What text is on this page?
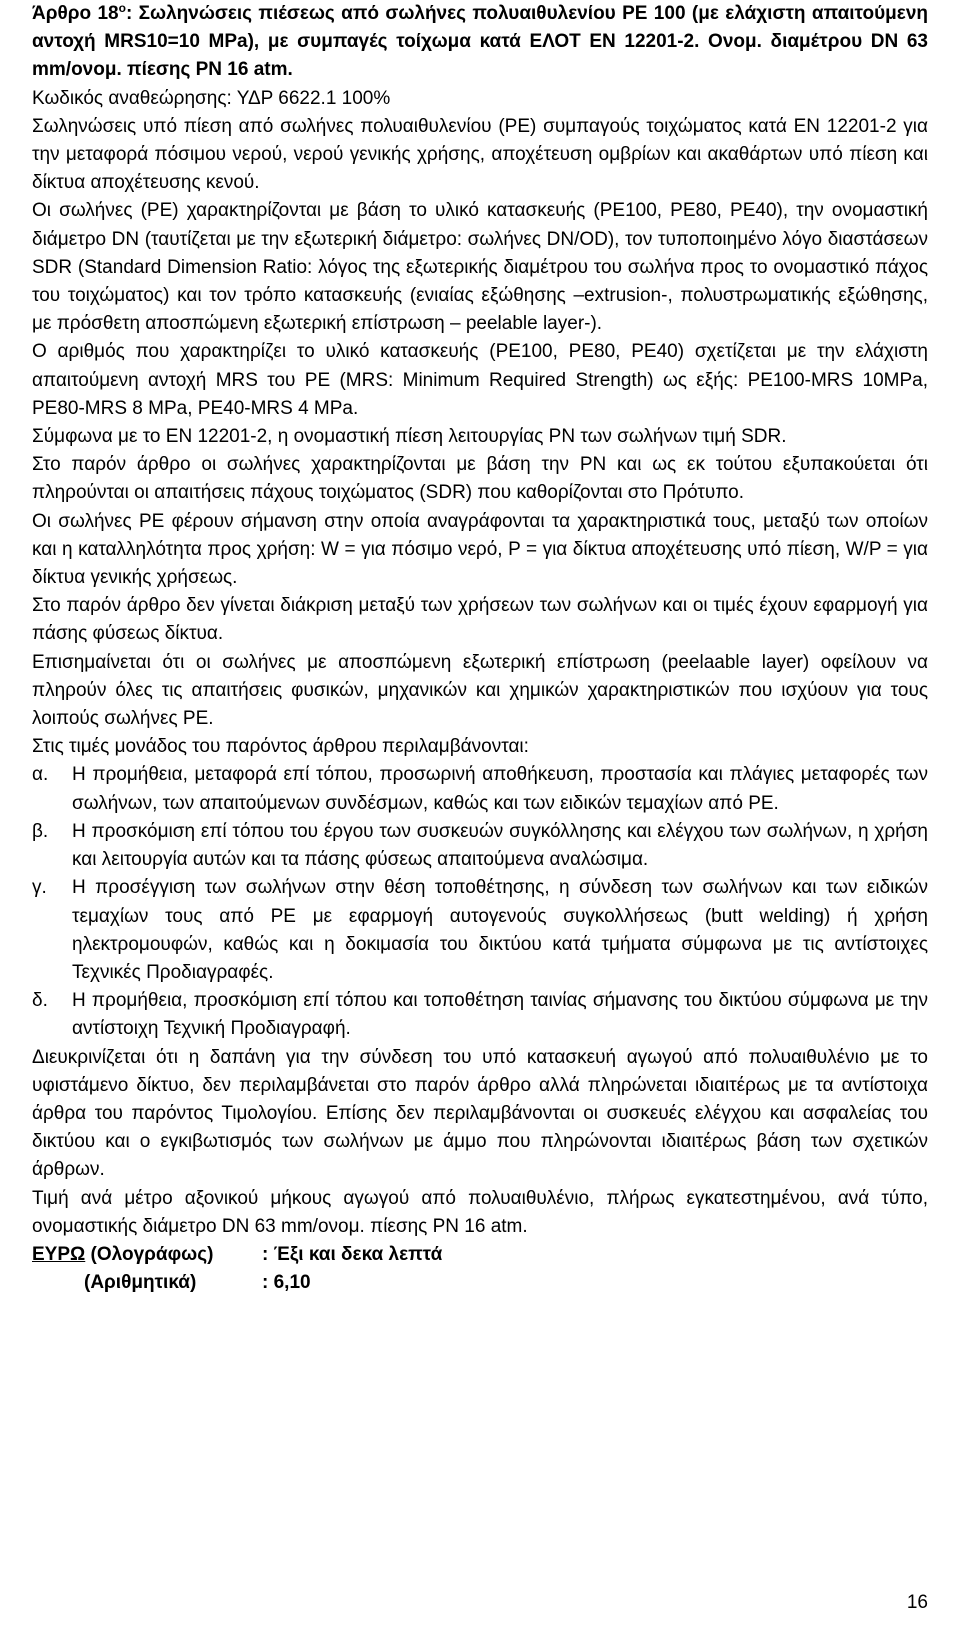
Άρθρο $18^o$: Σωληνώσεις πιέσεως από σωλήνες πολυαιθυλενίου PE 100 (με ελάχιστη απαιτούμενη αντοχή MRS10=10 MPa), με συμπαγές τοίχωμα κατά ΕΛΟΤ ΕΝ 12201-2. Ονομ. διαμέτρου DN 63 mm/ονομ. πίεσης PN 16 atm.

Κωδικός αναθεώρησης: ΥΔΡ 6622.1 100%

Σωληνώσεις υπό πίεση από σωλήνες πολυαιθυλενίου (PE) συμπαγούς τοιχώματος κατά ΕΝ 12201-2 για την μεταφορά πόσιμου νερού, νερού γενικής χρήσης, αποχέτευση ομβρίων και ακαθάρτων υπό πίεση και δίκτυα αποχέτευσης κενού.

Οι σωλήνες (PE) χαρακτηρίζονται με βάση το υλικό κατασκευής (PE100, PE80, PE40), την ονομαστική διάμετρο DN (ταυτίζεται με την εξωτερική διάμετρο: σωλήνες DN/OD), τον τυποποιημένο λόγο διαστάσεων SDR (Standard Dimension Ratio: λόγος της εξωτερικής διαμέτρου του σωλήνα προς το ονομαστικό πάχος του τοιχώματος) και τον τρόπο κατασκευής (ενιαίας εξώθησης –extrusion-, πολυστρωματικής εξώθησης, με πρόσθετη αποσπώμενη εξωτερική επίστρωση – peelable layer-).

Ο αριθμός που χαρακτηρίζει το υλικό κατασκευής (PE100, PE80, PE40) σχετίζεται με την ελάχιστη απαιτούμενη αντοχή MRS του PE (MRS: Minimum Required Strength) ως εξής: PE100-MRS 10MPa, PE80-MRS 8 MPa, PE40-MRS 4 MPa.

Σύμφωνα με το ΕΝ 12201-2, η ονομαστική πίεση λειτουργίας PN των σωλήνων τιμή SDR.

Στο παρόν άρθρο οι σωλήνες χαρακτηρίζονται με βάση την PN και ως εκ τούτου εξυπακούεται ότι πληρούνται οι απαιτήσεις πάχους τοιχώματος (SDR) που καθορίζονται στο Πρότυπο.

Οι σωλήνες PE φέρουν σήμανση στην οποία αναγράφονται τα χαρακτηριστικά τους, μεταξύ των οποίων και η καταλληλότητα προς χρήση: W = για πόσιμο νερό, P = για δίκτυα αποχέτευσης υπό πίεση, W/P = για δίκτυα γενικής χρήσεως.

Στο παρόν άρθρο δεν γίνεται διάκριση μεταξύ των χρήσεων των σωλήνων και οι τιμές έχουν εφαρμογή για πάσης φύσεως δίκτυα.

Επισημαίνεται ότι οι σωλήνες με αποσπώμενη εξωτερική επίστρωση (peelaable layer) οφείλουν να πληρούν όλες τις απαιτήσεις φυσικών, μηχανικών και χημικών χαρακτηριστικών που ισχύουν για τους λοιπούς σωλήνες PE.

Στις τιμές μονάδος του παρόντος άρθρου περιλαμβάνονται:

α. Η προμήθεια, μεταφορά επί τόπου, προσωρινή αποθήκευση, προστασία και πλάγιες μεταφορές των σωλήνων, των απαιτούμενων συνδέσμων, καθώς και των ειδικών τεμαχίων από PE.
β. Η προσκόμιση επί τόπου του έργου των συσκευών συγκόλλησης και ελέγχου των σωλήνων, η χρήση και λειτουργία αυτών και τα πάσης φύσεως απαιτούμενα αναλώσιμα.
γ. Η προσέγγιση των σωλήνων στην θέση τοποθέτησης, η σύνδεση των σωλήνων και των ειδικών τεμαχίων τους από PE με εφαρμογή αυτογενούς συγκολλήσεως (butt welding) ή χρήση ηλεκτρομουφών, καθώς και η δοκιμασία του δικτύου κατά τμήματα σύμφωνα με τις αντίστοιχες Τεχνικές Προδιαγραφές.
δ. Η προμήθεια, προσκόμιση επί τόπου και τοποθέτηση ταινίας σήμανσης του δικτύου σύμφωνα με την αντίστοιχη Τεχνική Προδιαγραφή.

Διευκρινίζεται ότι η δαπάνη για την σύνδεση του υπό κατασκευή αγωγού από πολυαιθυλένιο με το υφιστάμενο δίκτυο, δεν περιλαμβάνεται στο παρόν άρθρο αλλά πληρώνεται ιδιαιτέρως με τα αντίστοιχα άρθρα του παρόντος Τιμολογίου. Επίσης δεν περιλαμβάνονται οι συσκευές ελέγχου και ασφαλείας του δικτύου και ο εγκιβωτισμός των σωλήνων με άμμο που πληρώνονται ιδιαιτέρως βάση των σχετικών άρθρων.

Τιμή ανά μέτρο αξονικού μήκους αγωγού από πολυαιθυλένιο, πλήρως εγκατεστημένου, ανά τύπο, ονομαστικής διάμετρο DN 63 mm/ονομ. πίεσης PN 16 atm.

ΕΥΡΩ (Ολογράφως)	: Έξι και δεκα λεπτά
(Αριθμητικά)	: 6,10
16
